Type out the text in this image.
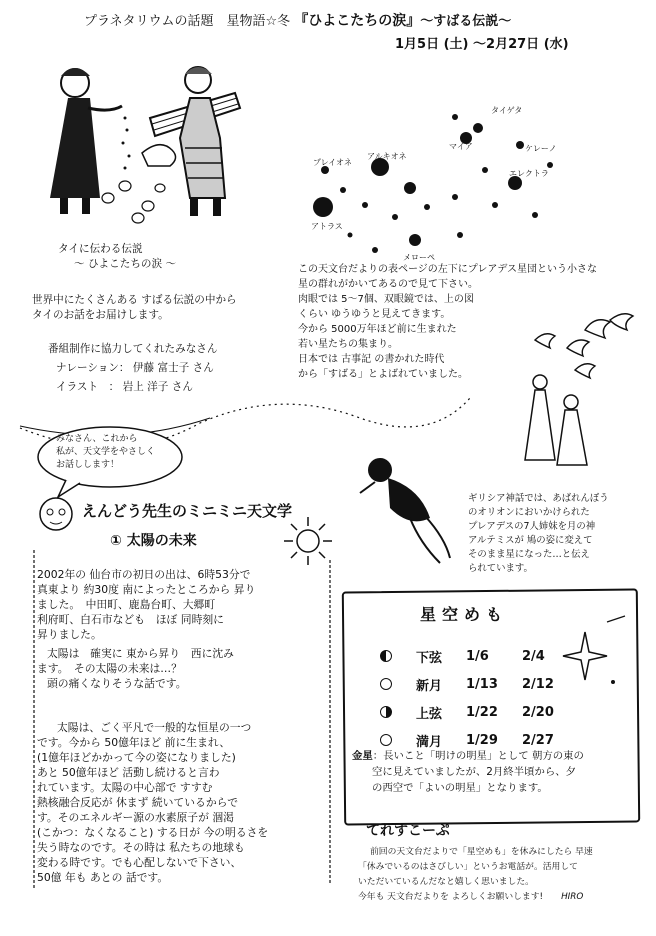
プラネタリウムの話題　星物語☆冬 『ひよこたちの涙』～すばる伝説～
1月5日 (土) ～2月27日 (水)
タイゲタ
マイア	ケレーノ
プレイオネ
アルキオネ
エレクトラ
アトラス
メローペ
タイに伝わる伝説
～ ひよこたちの涙 ～
世界中にたくさんある すばる伝説の中から
タイのお話をお届けします。
番組制作に協力してくれたみなさん
ナレーション： 伊藤 富士子 さん
イラスト　： 岩上 洋子 さん
この天文台だよりの表ページの左下にプレアデス星団という小さな
星の群れがかいてあるので見て下さい。
肉眼では 5～7個、双眼鏡では、上の図
くらい ゆうゆうと見えてきます。
今から 5000万年ほど前に生まれた
若い星たちの集まり。
日本では 古事記 の書かれた時代
から「すばる」とよばれていました。
みなさん、これから
私が、天文学をやさしく
お話しします！
ギリシア神話では、あばれんぼう
のオリオンにおいかけられた
プレアデスの7人姉妹を月の神
アルテミスが 鳩の姿に変えて
そのまま星になった…と伝え
られています。
えんどう先生のミニミニ天文学
① 太陽の未来
2002年の 仙台市の初日の出は、6時53分で
真東より 約30度 南によったところから 昇り
ました。　中田町、鹿島台町、大郷町
利府町、白石市なども　ほぼ 同時刻に
昇りました。
太陽は　確実に 東から昇り　西に沈み
ます。　その太陽の未来は…？
頭の痛くなりそうな話です。
太陽は、ごく平凡で一般的な恒星の一つ
です。今から 50億年ほど 前に生まれ、
(1億年ほどかかって今の姿になりました)
あと 50億年ほど 活動し続けると言わ
れています。太陽の中心部で すすむ
熱核融合反応が 休まず 続いているからで
す。そのエネルギー源の水素原子が 涸渇
(こかつ：なくなること) する日が 今の明るさを
失う時なのです。その時は 私たちの地球も
変わる時です。でも心配しないで下さい、
50億 年も あとの 話です。
星空めも
下弦	1/6	2/4
新月	1/13	2/12
上弦	1/22	2/20
満月	1/29	2/27
金星：長いこと「明けの明星」として 朝方の東の
空に見えていましたが、2月終半頃から、夕
の西空で「よいの明星」となります。
てれすこーぷ
前回の天文台だよりで「星空めも」を休みにしたら 早速
「休みでいるのはさびしい」というお電話が。活用して
いただいているんだなと嬉しく思いました。
今年も 天文台だよりを よろしくお願いします! HIRO
